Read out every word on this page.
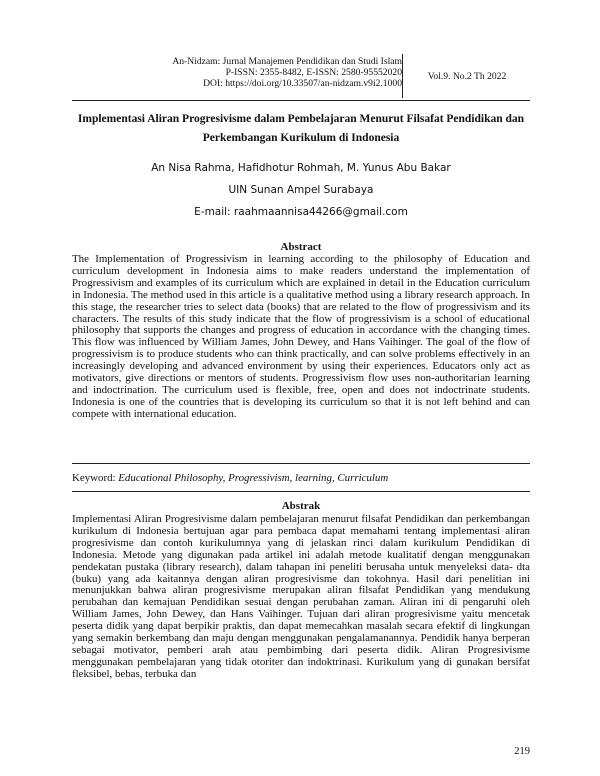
An-Nidzam: Jurnal Manajemen Pendidikan dan Studi Islam
P-ISSN: 2355-8482, E-ISSN: 2580-95552020
DOI: https://doi.org/10.33507/an-nidzam.v9i2.1000
Vol.9. No.2 Th 2022
Implementasi Aliran Progresivisme dalam Pembelajaran Menurut Filsafat Pendidikan dan
Perkembangan Kurikulum di Indonesia
An Nisa Rahma, Hafidhotur Rohmah, M. Yunus Abu Bakar
UIN Sunan Ampel Surabaya
E-mail: raahmaannisa44266@gmail.com
Abstract
The Implementation of Progressivism in learning according to the philosophy of Education and curriculum development in Indonesia aims to make readers understand the implementation of Progressivism and examples of its curriculum which are explained in detail in the Education curriculum in Indonesia. The method used in this article is a qualitative method using a library research approach. In this stage, the researcher tries to select data (books) that are related to the flow of progressivism and its characters. The results of this study indicate that the flow of progressivism is a school of educational philosophy that supports the changes and progress of education in accordance with the changing times. This flow was influenced by William James, John Dewey, and Hans Vaihinger. The goal of the flow of progressivism is to produce students who can think practically, and can solve problems effectively in an increasingly developing and advanced environment by using their experiences. Educators only act as motivators, give directions or mentors of students. Progressivism flow uses non-authoritarian learning and indoctrination. The curriculum used is flexible, free, open and does not indoctrinate students. Indonesia is one of the countries that is developing its curriculum so that it is not left behind and can compete with international education.
Keyword: Educational Philosophy, Progressivism, learning, Curriculum
Abstrak
Implementasi Aliran Progresivisme dalam pembelajaran menurut filsafat Pendidikan dan perkembangan kurikulum di Indonesia bertujuan agar para pembaca dapat memahami tentang implementasi aliran progresivisme dan contoh kurikulumnya yang di jelaskan rinci dalam kurikulum Pendidikan di Indonesia. Metode yang digunakan pada artikel ini adalah metode kualitatif dengan menggunakan pendekatan pustaka (library research), dalam tahapan ini peneliti berusaha untuk menyeleksi data- dta (buku) yang ada kaitannya dengan aliran progresivisme dan tokohnya. Hasil dari penelitian ini menunjukkan bahwa aliran progresivisme merupakan aliran filsafat Pendidikan yang mendukung perubahan dan kemajuan Pendidikan sesuai dengan perubahan zaman. Aliran ini di pengaruhi oleh William James, John Dewey, dan Hans Vaihinger. Tujuan dari aliran progresivisme yaitu mencetak peserta didik yang dapat berpikir praktis, dan dapat memecahkan masalah secara efektif di lingkungan yang semakin berkembang dan maju dengan menggunakan pengalamanannya. Pendidik hanya berperan sebagai motivator, pemberi arah atau pembimbing dari peserta didik. Aliran Progresivisme menggunakan pembelajaran yang tidak otoriter dan indoktrinasi. Kurikulum yang di gunakan bersifat fleksibel, bebas, terbuka dan
219
